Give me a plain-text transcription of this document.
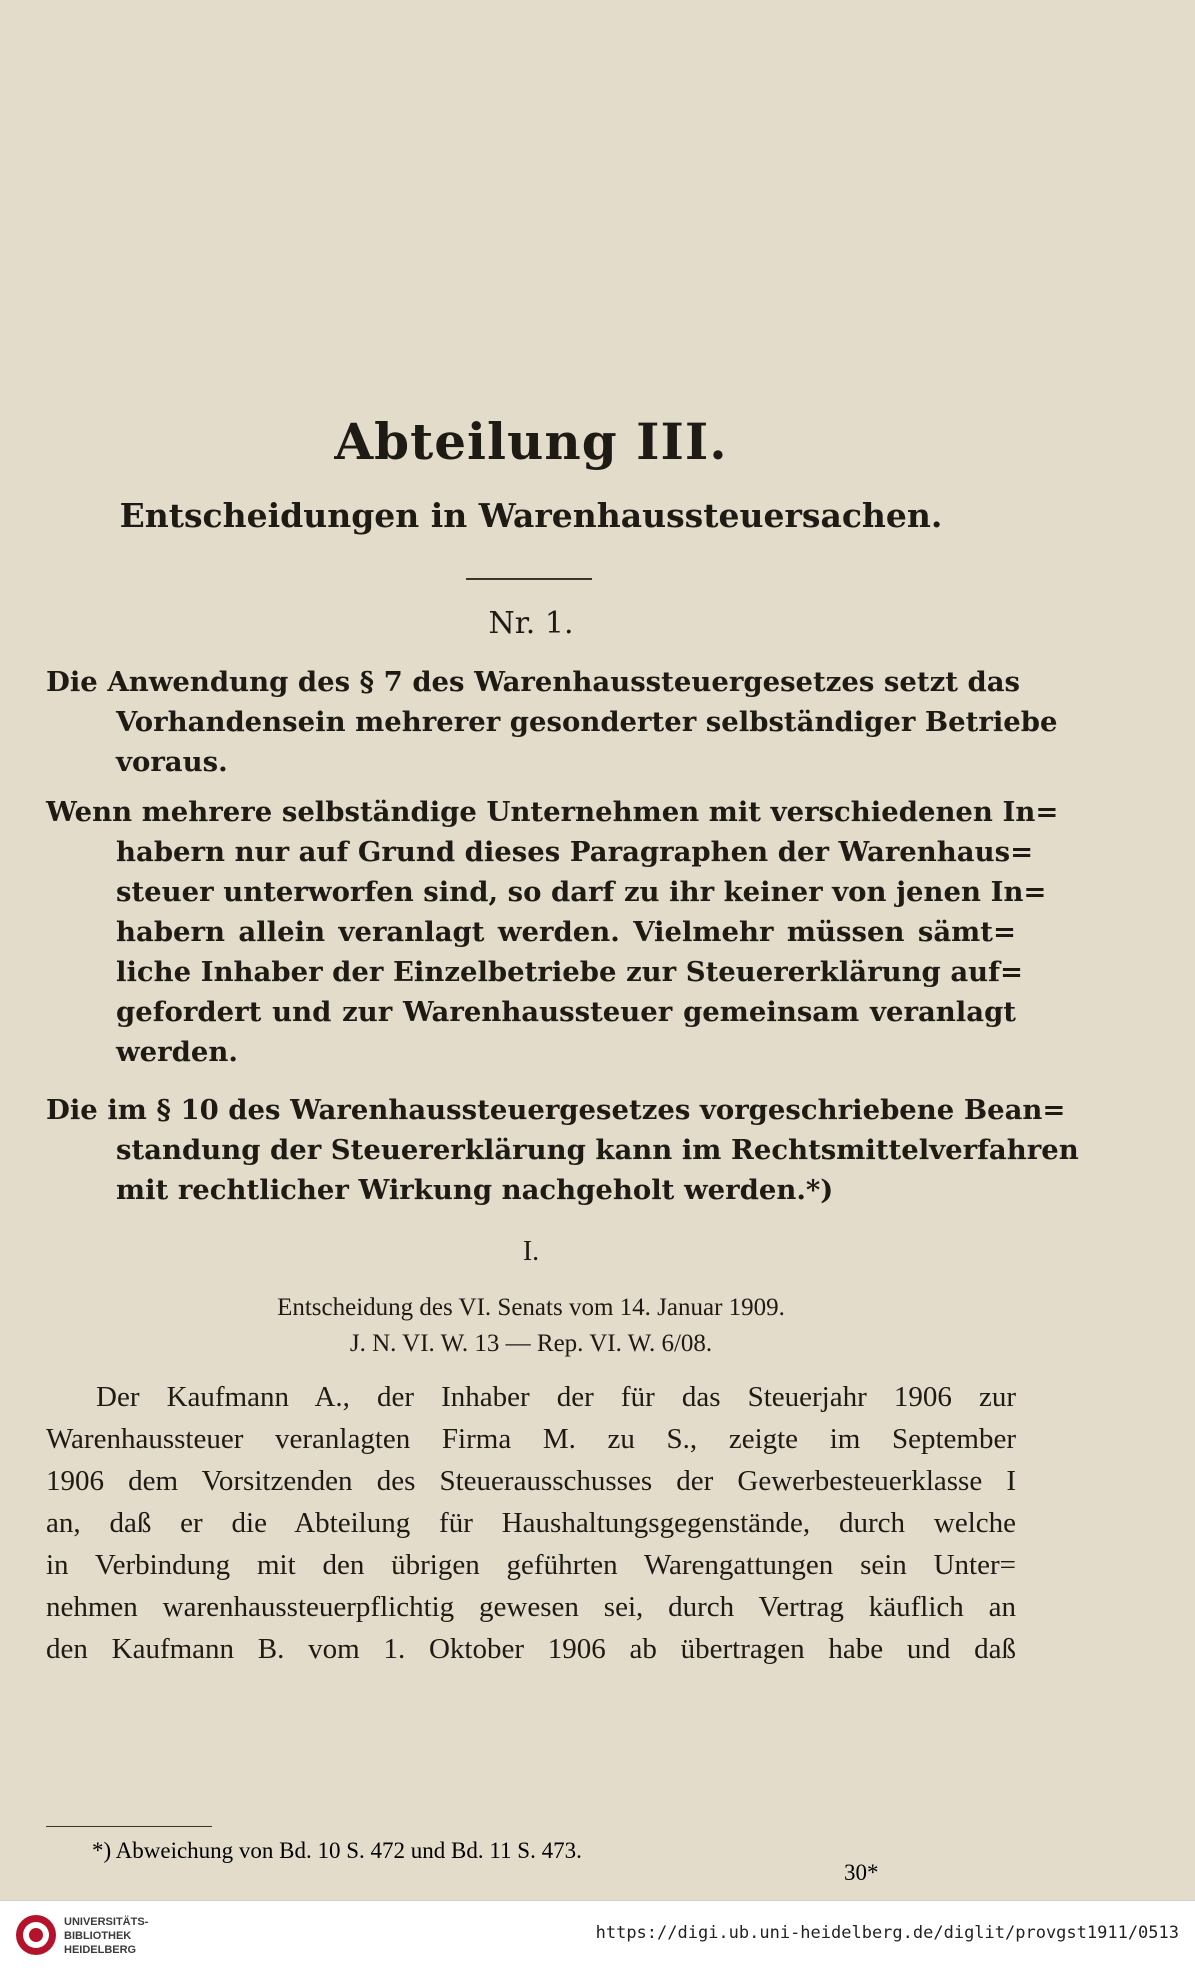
Abteilung III.
Entscheidungen in Warenhaussteuersachen.
Nr. 1.
Die Anwendung des § 7 des Warenhaussteuergesetzes setzt das
Vorhandensein mehrerer gesonderter selbständiger Betriebe
voraus.
Wenn mehrere selbständige Unternehmen mit verschiedenen In=
habern nur auf Grund dieses Paragraphen der Warenhaus=
steuer unterworfen sind, so darf zu ihr keiner von jenen In=
habern allein veranlagt werden. Vielmehr müssen sämt=
liche Inhaber der Einzelbetriebe zur Steuererklärung auf=
gefordert und zur Warenhaussteuer gemeinsam veranlagt
werden.
Die im § 10 des Warenhaussteuergesetzes vorgeschriebene Bean=
standung der Steuererklärung kann im Rechtsmittelverfahren
mit rechtlicher Wirkung nachgeholt werden.*)
I.
Entscheidung des VI. Senats vom 14. Januar 1909.
J. N. VI. W. 13 — Rep. VI. W. 6/08.
Der Kaufmann A., der Inhaber der für das Steuerjahr 1906 zur
Warenhaussteuer veranlagten Firma M. zu S., zeigte im September
1906 dem Vorsitzenden des Steuerausschusses der Gewerbesteuerklasse I
an, daß er die Abteilung für Haushaltungsgegenstände, durch welche
in Verbindung mit den übrigen geführten Warengattungen sein Unter=
nehmen warenhaussteuerpflichtig gewesen sei, durch Vertrag käuflich an
den Kaufmann B. vom 1. Oktober 1906 ab übertragen habe und daß
*) Abweichung von Bd. 10 S. 472 und Bd. 11 S. 473.
30*
UNIVERSITÄTS-
BIBLIOTHEK
HEIDELBERG
https://digi.ub.uni-heidelberg.de/diglit/provgst1911/0513
